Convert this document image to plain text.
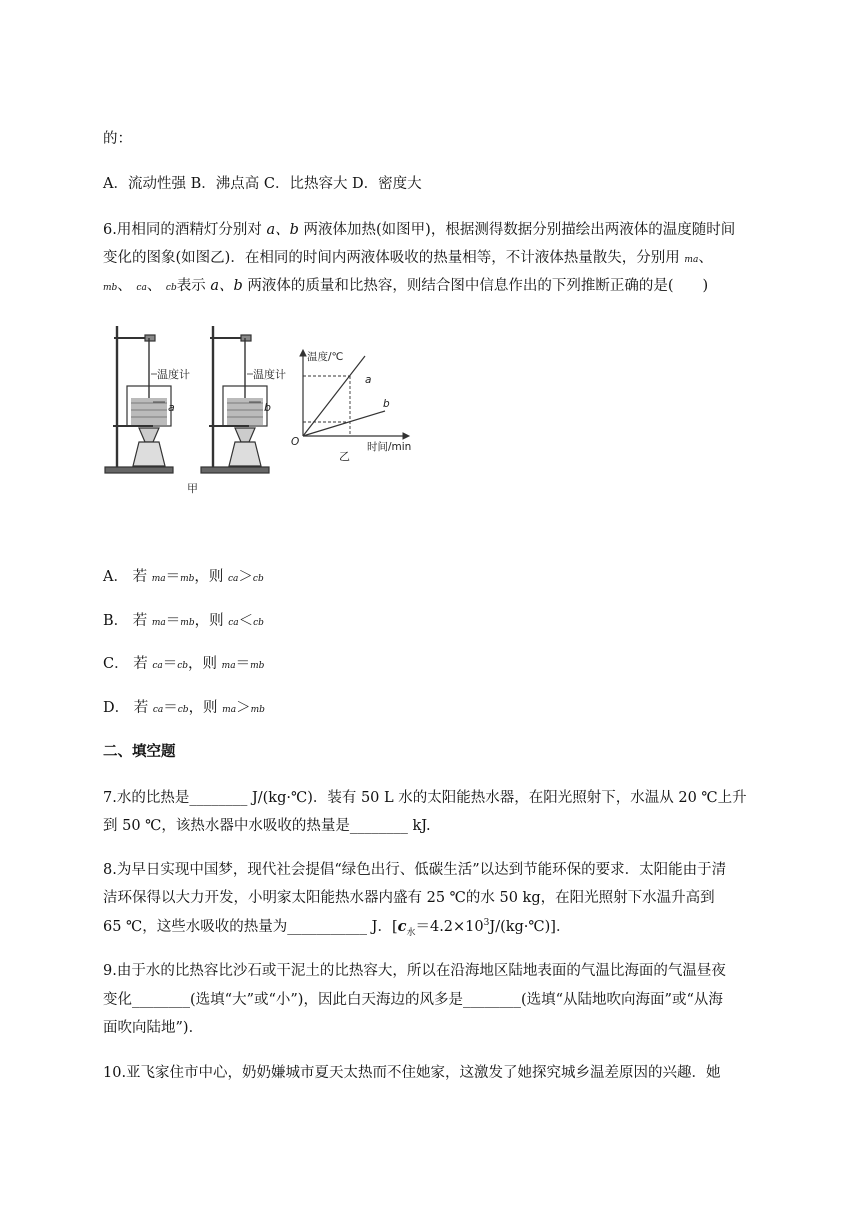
的：
A．流动性强 B．沸点高 C．比热容大 D．密度大
6.用相同的酒精灯分别对 a、b 两液体加热(如图甲)，根据测得数据分别描绘出两液体的温度随时间
变化的图象(如图乙)．在相同的时间内两液体吸收的热量相等，不计液体热量散失，分别用 ma、
mb、 ca、 cb表示 a、b 两液体的质量和比热容，则结合图中信息作出的下列推断正确的是(　　)
温度计
a
温度计
b
甲
温度/℃
时间/min
O
a
b
乙
A． 若 ma＝mb，则 ca＞cb
B． 若 ma＝mb，则 ca＜cb
C． 若 ca＝cb，则 ma＝mb
D． 若 ca＝cb，则 ma＞mb
二、填空题
7.水的比热是________ J/(kg·℃)．装有 50 L 水的太阳能热水器，在阳光照射下，水温从 20 ℃上升
到 50 ℃，该热水器中水吸收的热量是________ kJ.
8.为早日实现中国梦，现代社会提倡“绿色出行、低碳生活”以达到节能环保的要求．太阳能由于清
洁环保得以大力开发，小明家太阳能热水器内盛有 25 ℃的水 50 kg，在阳光照射下水温升高到
65 ℃，这些水吸收的热量为___________ J．$[c_水=4.2\times 10^3J/(kg\cdot℃)]$．
9.由于水的比热容比沙石或干泥土的比热容大，所以在沿海地区陆地表面的气温比海面的气温昼夜
变化________(选填“大”或“小”)，因此白天海边的风多是________(选填“从陆地吹向海面”或“从海
面吹向陆地”)．
10.亚飞家住市中心，奶奶嫌城市夏天太热而不住她家，这激发了她探究城乡温差原因的兴趣．她
